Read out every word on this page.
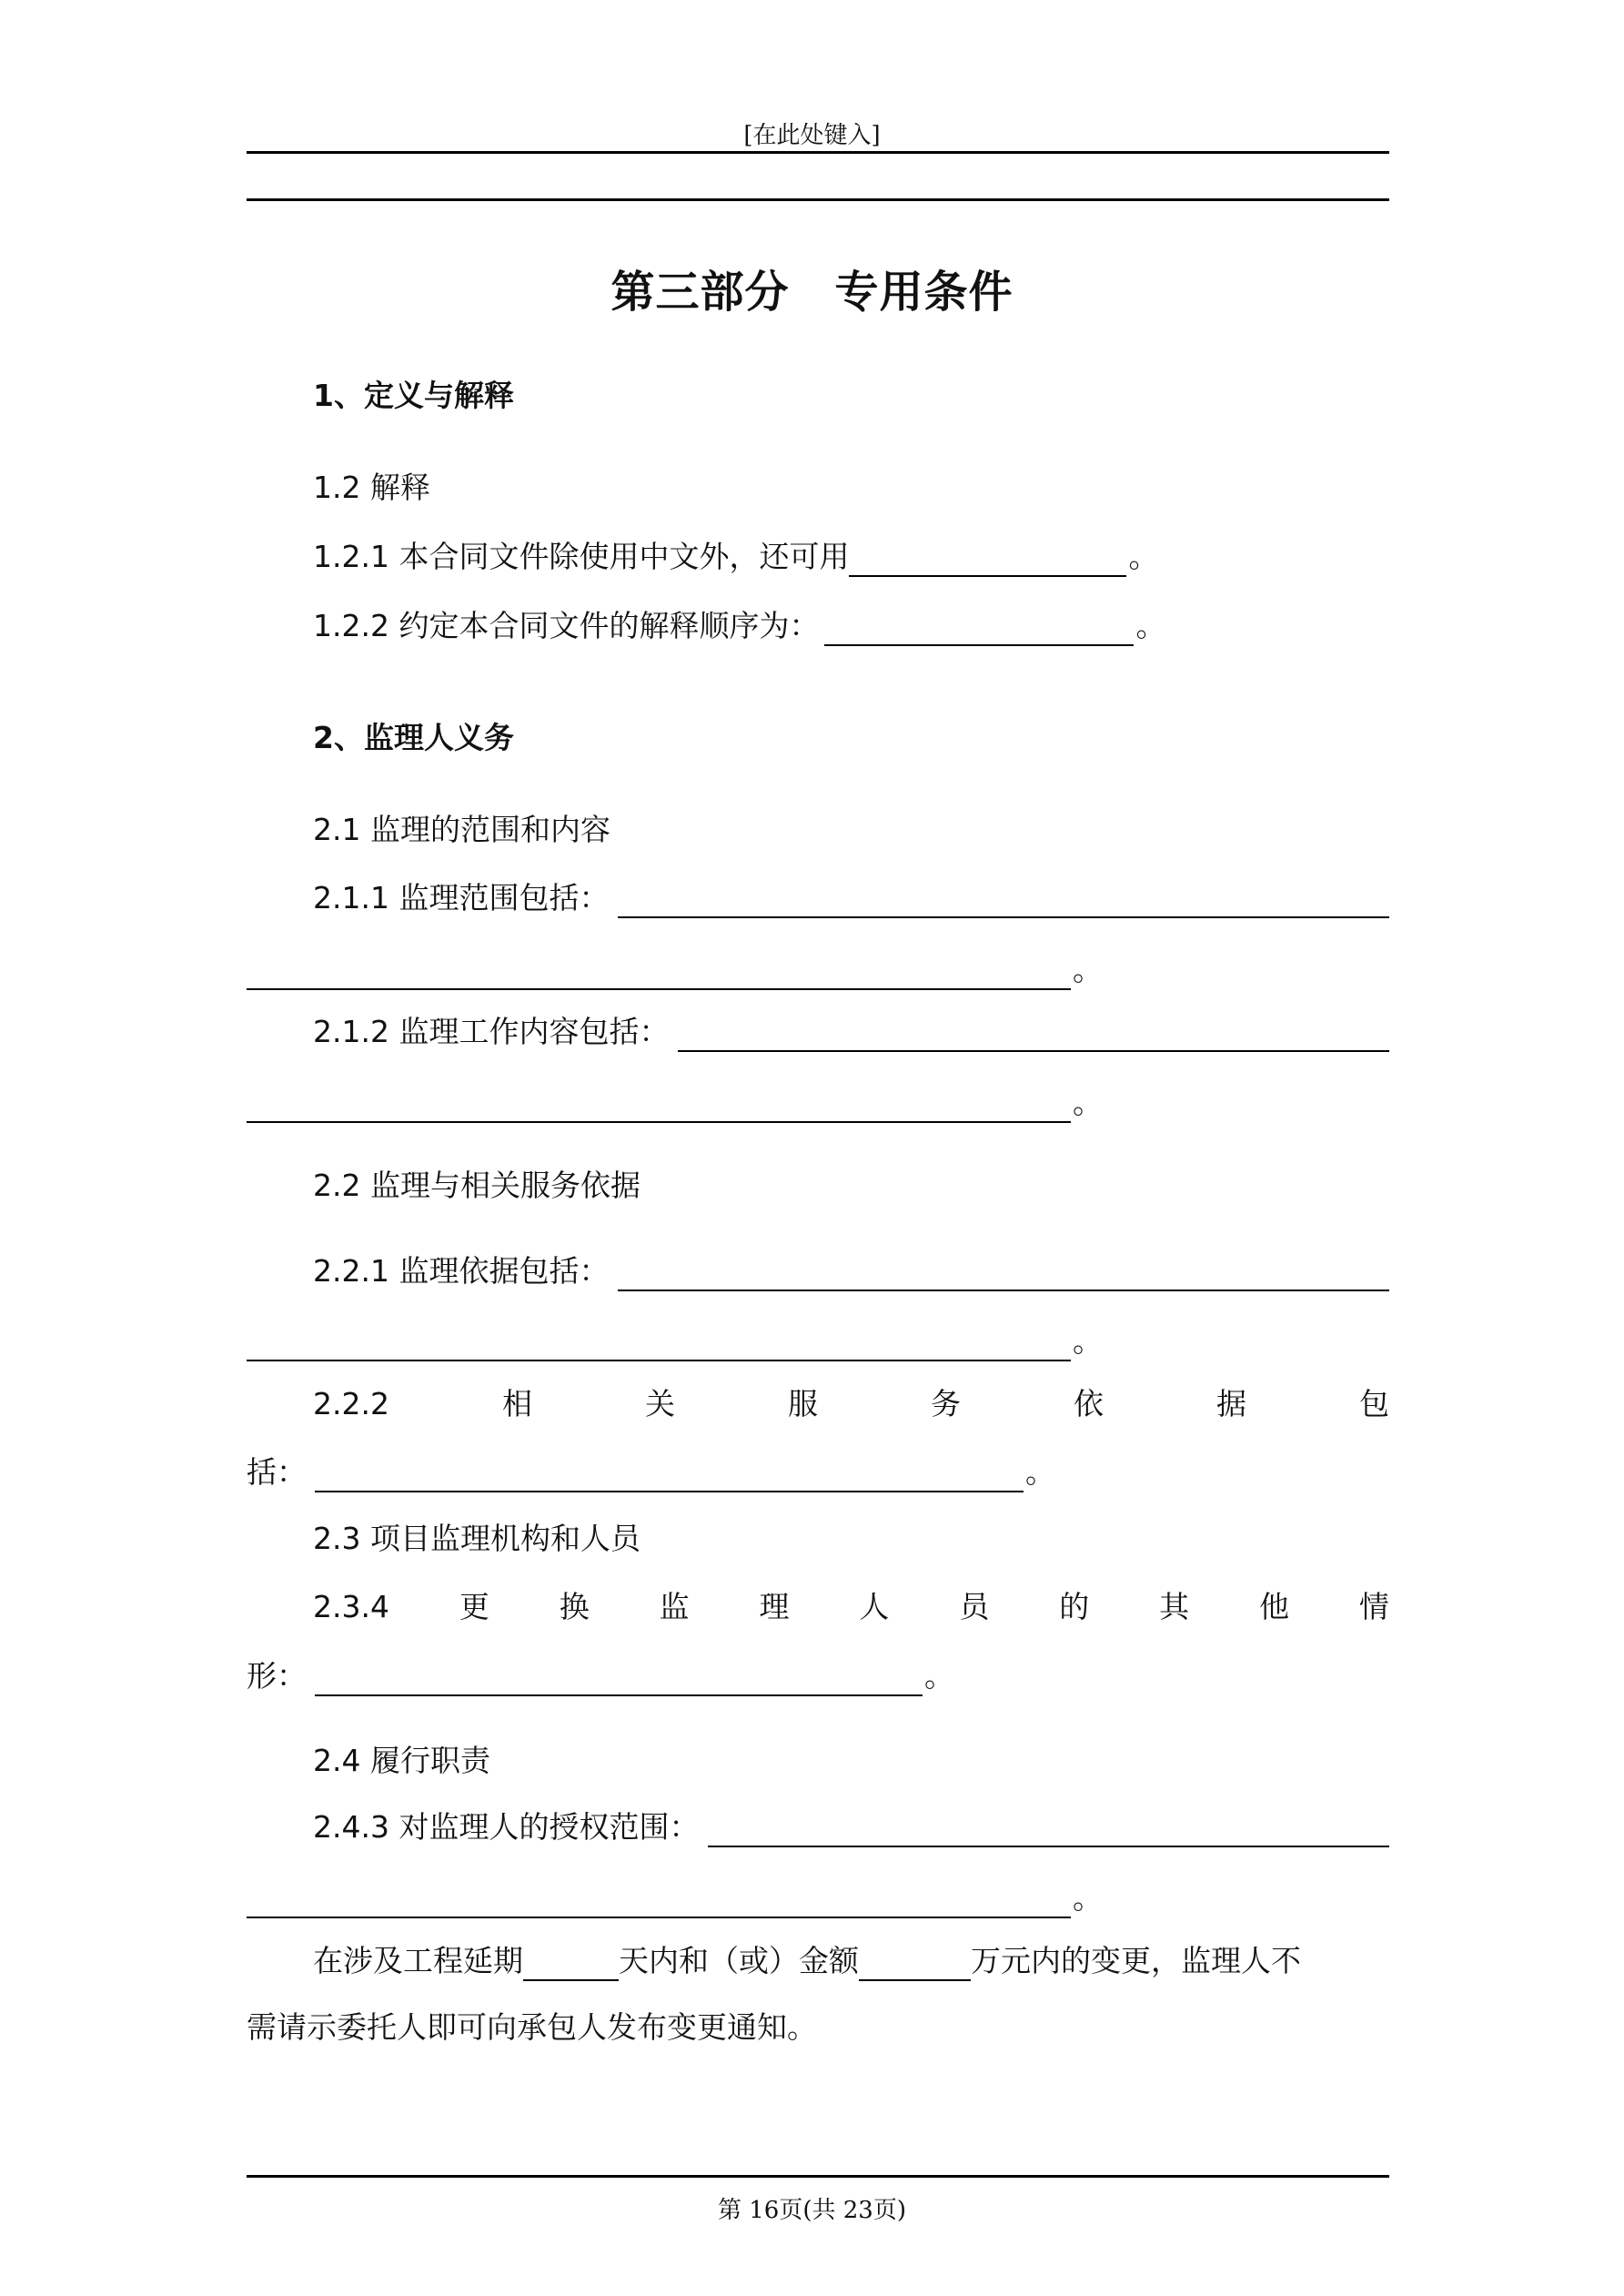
[在此处键入]
第三部分 专用条件
1、定义与解释
1.2 解释
1.2.1 本合同文件除使用中文外，还可用	。
1.2.2 约定本合同文件的解释顺序为：	。
2、监理人义务
2.1 监理的范围和内容
2.1.1 监理范围包括：
。
2.1.2 监理工作内容包括：
。
2.2 监理与相关服务依据
2.2.1 监理依据包括：
。
2.2.2	相	关	服	务	依	据	包
括：	。
2.3 项目监理机构和人员
2.3.4 更 换 监 理 人 员 的 其 他 情
形：	。
2.4 履行职责
2.4.3 对监理人的授权范围：
。
在涉及工程延期	天内和（或）金额	万元内的变更，监理人不
需请示委托人即可向承包人发布变更通知。
第 16页(共 23页)
